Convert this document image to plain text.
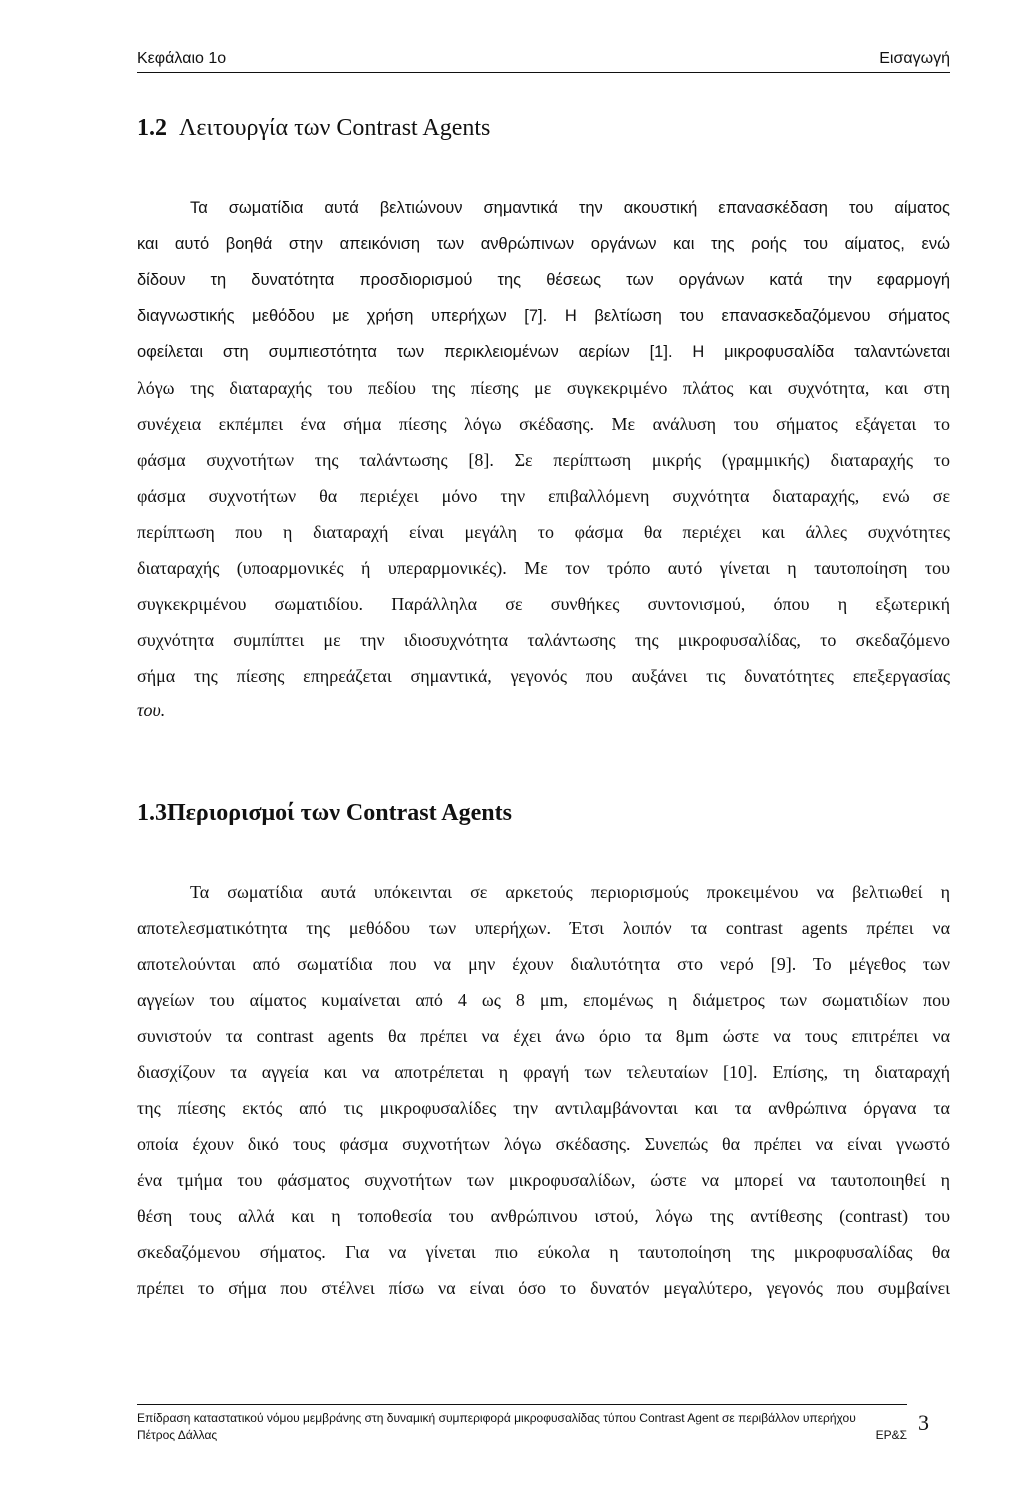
Κεφάλαιο 1ο	Εισαγωγή
1.2 Λειτουργία των Contrast Agents
Τα σωματίδια αυτά βελτιώνουν σημαντικά την ακουστική επανασκέδαση του αίματος
και αυτό βοηθά στην απεικόνιση των ανθρώπινων οργάνων και της ροής του αίματος, ενώ
δίδουν τη δυνατότητα προσδιορισμού της θέσεως των οργάνων κατά την εφαρμογή
διαγνωστικής μεθόδου με χρήση υπερήχων [7]. Η βελτίωση του επανασκεδαζόμενου σήματος
οφείλεται στη συμπιεστότητα των περικλειομένων αερίων [1]. Η μικροφυσαλίδα ταλαντώνεται
λόγω της διαταραχής του πεδίου της πίεσης με συγκεκριμένο πλάτος και συχνότητα, και στη
συνέχεια εκπέμπει ένα σήμα πίεσης λόγω σκέδασης. Με ανάλυση του σήματος εξάγεται το
φάσμα συχνοτήτων της ταλάντωσης [8]. Σε περίπτωση μικρής (γραμμικής) διαταραχής το
φάσμα συχνοτήτων θα περιέχει μόνο την επιβαλλόμενη συχνότητα διαταραχής, ενώ σε
περίπτωση που η διαταραχή είναι μεγάλη το φάσμα θα περιέχει και άλλες συχνότητες
διαταραχής (υποαρμονικές ή υπεραρμονικές). Με τον τρόπο αυτό γίνεται η ταυτοποίηση του
συγκεκριμένου σωματιδίου. Παράλληλα σε συνθήκες συντονισμού, όπου η εξωτερική
συχνότητα συμπίπτει με την ιδιοσυχνότητα ταλάντωσης της μικροφυσαλίδας, το σκεδαζόμενο
σήμα της πίεσης επηρεάζεται σημαντικά, γεγονός που αυξάνει τις δυνατότητες επεξεργασίας
του.
1.3Περιορισμοί των Contrast Agents
Τα σωματίδια αυτά υπόκεινται σε αρκετούς περιορισμούς προκειμένου να βελτιωθεί η
αποτελεσματικότητα της μεθόδου των υπερήχων. Έτσι λοιπόν τα contrast agents πρέπει να
αποτελούνται από σωματίδια που να μην έχουν διαλυτότητα στο νερό [9]. Το μέγεθος των
αγγείων του αίματος κυμαίνεται από 4 ως 8 μm, επομένως η διάμετρος των σωματιδίων που
συνιστούν τα contrast agents θα πρέπει να έχει άνω όριο τα 8μm ώστε να τους επιτρέπει να
διασχίζουν τα αγγεία και να αποτρέπεται η φραγή των τελευταίων [10]. Επίσης, τη διαταραχή
της πίεσης εκτός από τις μικροφυσαλίδες την αντιλαμβάνονται και τα ανθρώπινα όργανα τα
οποία έχουν δικό τους φάσμα συχνοτήτων λόγω σκέδασης. Συνεπώς θα πρέπει να είναι γνωστό
ένα τμήμα του φάσματος συχνοτήτων των μικροφυσαλίδων, ώστε να μπορεί να ταυτοποιηθεί η
θέση τους αλλά και η τοποθεσία του ανθρώπινου ιστού, λόγω της αντίθεσης (contrast) του
σκεδαζόμενου σήματος. Για να γίνεται πιο εύκολα η ταυτοποίηση της μικροφυσαλίδας θα
πρέπει το σήμα που στέλνει πίσω να είναι όσο το δυνατόν μεγαλύτερο, γεγονός που συμβαίνει
Επίδραση καταστατικού νόμου μεμβράνης στη δυναμική συμπεριφορά μικροφυσαλίδας τύπου Contrast Agent σε περιβάλλον υπερήχου
Πέτρος Δάλλας	ΕΡ&Σ 3
